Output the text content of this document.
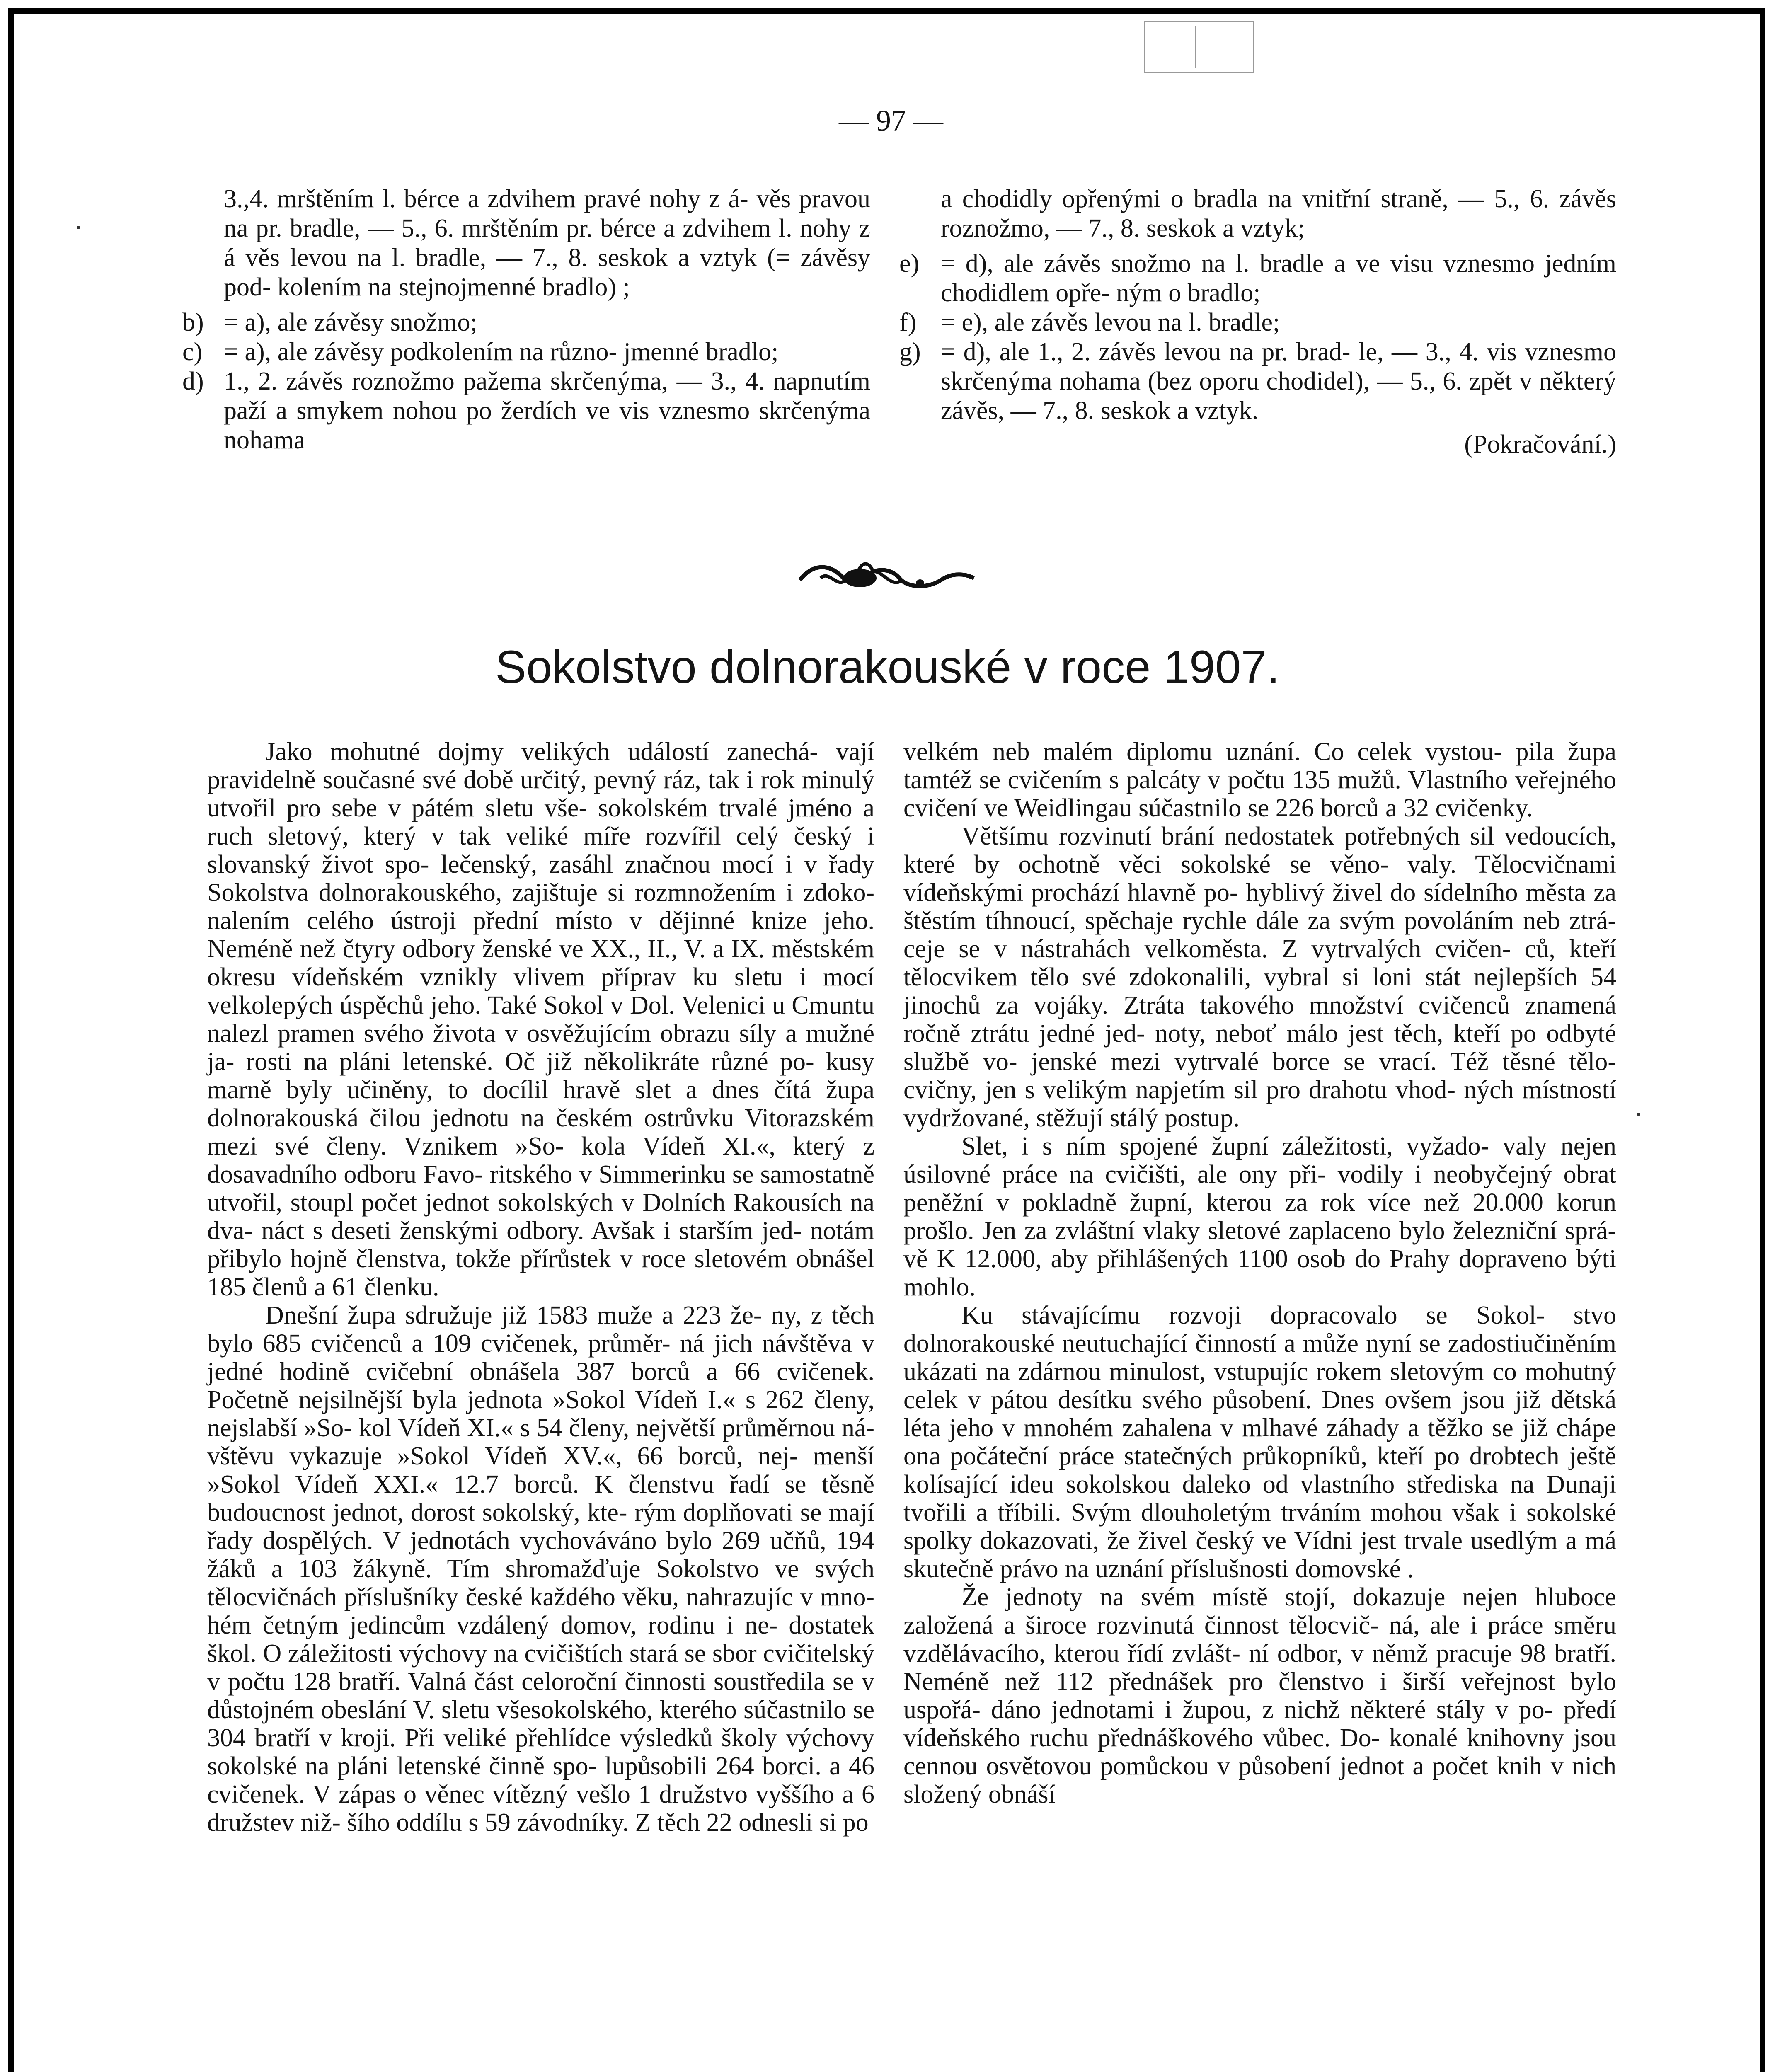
— 97 —
3.,4. mrštěním l. bérce a zdvihem pravé nohy z á- věs pravou na pr. bradle, — 5., 6. mrštěním pr. bérce a zdvihem l. nohy z á věs levou na l. bradle, — 7., 8. seskok a vztyk (= závěsy pod- kolením na stejnojmenné bradlo) ;
b) = a), ale závěsy snožmo;
c) = a), ale závěsy podkolením na různo- jmenné bradlo;
d) 1., 2. závěs roznožmo pažema skrčenýma, — 3., 4. napnutím paží a smykem nohou po žerdích ve vis vznesmo skrčenýma nohama
a chodidly opřenými o bradla na vnitřní straně, — 5., 6. závěs roznožmo, — 7., 8. seskok a vztyk;
e) = d), ale závěs snožmo na l. bradle a ve visu vznesmo jedním chodidlem opře- ným o bradlo;
f) = e), ale závěs levou na l. bradle;
g) = d), ale 1., 2. závěs levou na pr. brad- le, — 3., 4. vis vznesmo skrčenýma nohama (bez oporu chodidel), — 5., 6. zpět v některý závěs, — 7., 8. seskok a vztyk.
(Pokračování.)
Sokolstvo dolnorakouské v roce 1907.

Jako mohutné dojmy velikých událostí zanechá- vají pravidelně současné své době určitý, pevný ráz, tak i rok minulý utvořil pro sebe v pátém sletu vše- sokolském trvalé jméno a ruch sletový, který v tak veliké míře rozvířil celý český i slovanský život spo- lečenský, zasáhl značnou mocí i v řady Sokolstva dolnorakouského, zajištuje si rozmnožením i zdoko- nalením celého ústroji přední místo v dějinné knize jeho. Neméně než čtyry odbory ženské ve XX., II., V. a IX. městském okresu vídeňském vznikly vlivem příprav ku sletu i mocí velkolepých úspěchů jeho. Také Sokol v Dol. Velenici u Cmuntu nalezl pramen svého života v osvěžujícím obrazu síly a mužné ja- rosti na pláni letenské. Oč již několikráte různé po- kusy marně byly učiněny, to docílil hravě slet a dnes čítá župa dolnorakouská čilou jednotu na českém ostrůvku Vitorazském mezi své členy. Vznikem »So- kola Vídeň XI.«, který z dosavadního odboru Favo- ritského v Simmerinku se samostatně utvořil, stoupl počet jednot sokolských v Dolních Rakousích na dva- náct s deseti ženskými odbory. Avšak i starším jed- notám přibylo hojně členstva, tokže přírůstek v roce sletovém obnášel 185 členů a 61 členku.

Dnešní župa sdružuje již 1583 muže a 223 že- ny, z těch bylo 685 cvičenců a 109 cvičenek, průměr- ná jich návštěva v jedné hodině cvičební obnášela 387 borců a 66 cvičenek. Početně nejsilnější byla jednota »Sokol Vídeň I.« s 262 členy, nejslabší »So- kol Vídeň XI.« s 54 členy, největší průměrnou ná- vštěvu vykazuje »Sokol Vídeň XV.«, 66 borců, nej- menší »Sokol Vídeň XXI.« 12.7 borců. K členstvu řadí se těsně budoucnost jednot, dorost sokolský, kte- rým doplňovati se mají řady dospělých. V jednotách vychováváno bylo 269 učňů, 194 žáků a 103 žákyně. Tím shromažďuje Sokolstvo ve svých tělocvičnách příslušníky české každého věku, nahrazujíc v mno- hém četným jedincům vzdálený domov, rodinu i ne- dostatek škol. O záležitosti výchovy na cvičištích stará se sbor cvičitelský v počtu 128 bratří. Valná část celoroční činnosti soustředila se v důstojném obeslání V. sletu všesokolského, kterého súčastnilo se 304 bratří v kroji. Při veliké přehlídce výsledků školy výchovy sokolské na pláni letenské činně spo- lupůsobili 264 borci. a 46 cvičenek. V zápas o věnec vítězný vešlo 1 družstvo vyššího a 6 družstev niž- šího oddílu s 59 závodníky. Z těch 22 odnesli si po

velkém neb malém diplomu uznání. Co celek vystou- pila župa tamtéž se cvičením s palcáty v počtu 135 mužů. Vlastního veřejného cvičení ve Weidlingau súčastnilo se 226 borců a 32 cvičenky.

Většímu rozvinutí brání nedostatek potřebných sil vedoucích, které by ochotně věci sokolské se věno- valy. Tělocvičnami vídeňskými prochází hlavně po- hyblivý živel do sídelního města za štěstím tíhnoucí, spěchaje rychle dále za svým povoláním neb ztrá- ceje se v nástrahách velkoměsta. Z vytrvalých cvičen- ců, kteří tělocvikem tělo své zdokonalili, vybral si loni stát nejlepších 54 jinochů za vojáky. Ztráta takového množství cvičenců znamená ročně ztrátu jedné jed- noty, neboť málo jest těch, kteří po odbyté službě vo- jenské mezi vytrvalé borce se vrací. Též těsné tělo- cvičny, jen s velikým napjetím sil pro drahotu vhod- ných místností vydržované, stěžují stálý postup.

Slet, i s ním spojené župní záležitosti, vyžado- valy nejen úsilovné práce na cvičišti, ale ony při- vodily i neobyčejný obrat peněžní v pokladně župní, kterou za rok více než 20.000 korun prošlo. Jen za zvláštní vlaky sletové zaplaceno bylo železniční sprá- vě K 12.000, aby přihlášených 1100 osob do Prahy dopraveno býti mohlo.

Ku stávajícímu rozvoji dopracovalo se Sokol- stvo dolnorakouské neutuchající činností a může nyní se zadostiučiněním ukázati na zdárnou minulost, vstupujíc rokem sletovým co mohutný celek v pátou desítku svého působení. Dnes ovšem jsou již dětská léta jeho v mnohém zahalena v mlhavé záhady a těžko se již chápe ona počáteční práce statečných průkopníků, kteří po drobtech ještě kolísající ideu sokolskou daleko od vlastního střediska na Dunaji tvořili a tříbili. Svým dlouholetým trváním mohou však i sokolské spolky dokazovati, že živel český ve Vídni jest trvale usedlým a má skutečně právo na uznání příslušnosti domovské .

Že jednoty na svém místě stojí, dokazuje nejen hluboce založená a široce rozvinutá činnost tělocvič- ná, ale i práce směru vzdělávacího, kterou řídí zvlášt- ní odbor, v němž pracuje 98 bratří. Neméně než 112 přednášek pro členstvo i širší veřejnost bylo uspořá- dáno jednotami i župou, z nichž některé stály v po- předí vídeňského ruchu přednáškového vůbec. Do- konalé knihovny jsou cennou osvětovou pomůckou v působení jednot a počet knih v nich složený obnáší
